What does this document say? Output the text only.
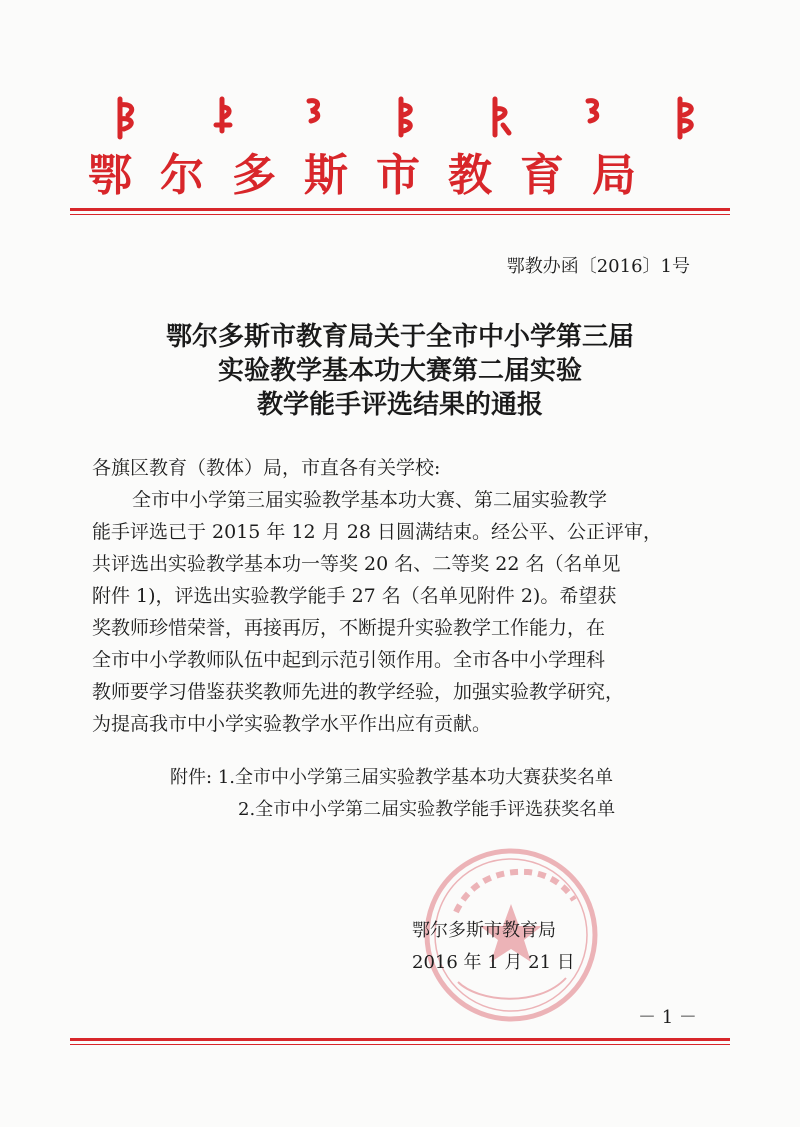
鄂尔多斯市教育局
鄂教办函〔2016〕1号
鄂尔多斯市教育局关于全市中小学第三届
实验教学基本功大赛第二届实验
教学能手评选结果的通报

各旗区教育（教体）局，市直各有关学校:

全市中小学第三届实验教学基本功大赛、第二届实验教学

能手评选已于 2015 年 12 月 28 日圆满结束。经公平、公正评审，

共评选出实验教学基本功一等奖 20 名、二等奖 22 名（名单见

附件 1)，评选出实验教学能手 27 名（名单见附件 2)。希望获

奖教师珍惜荣誉，再接再厉，不断提升实验教学工作能力，在

全市中小学教师队伍中起到示范引领作用。全市各中小学理科

教师要学习借鉴获奖教师先进的教学经验，加强实验教学研究，

为提高我市中小学实验教学水平作出应有贡献。

附件: 1.全市中小学第三届实验教学基本功大赛获奖名单
2.全市中小学第二届实验教学能手评选获奖名单
鄂尔多斯市教育局
2016 年 1 月 21 日
－ 1 －
